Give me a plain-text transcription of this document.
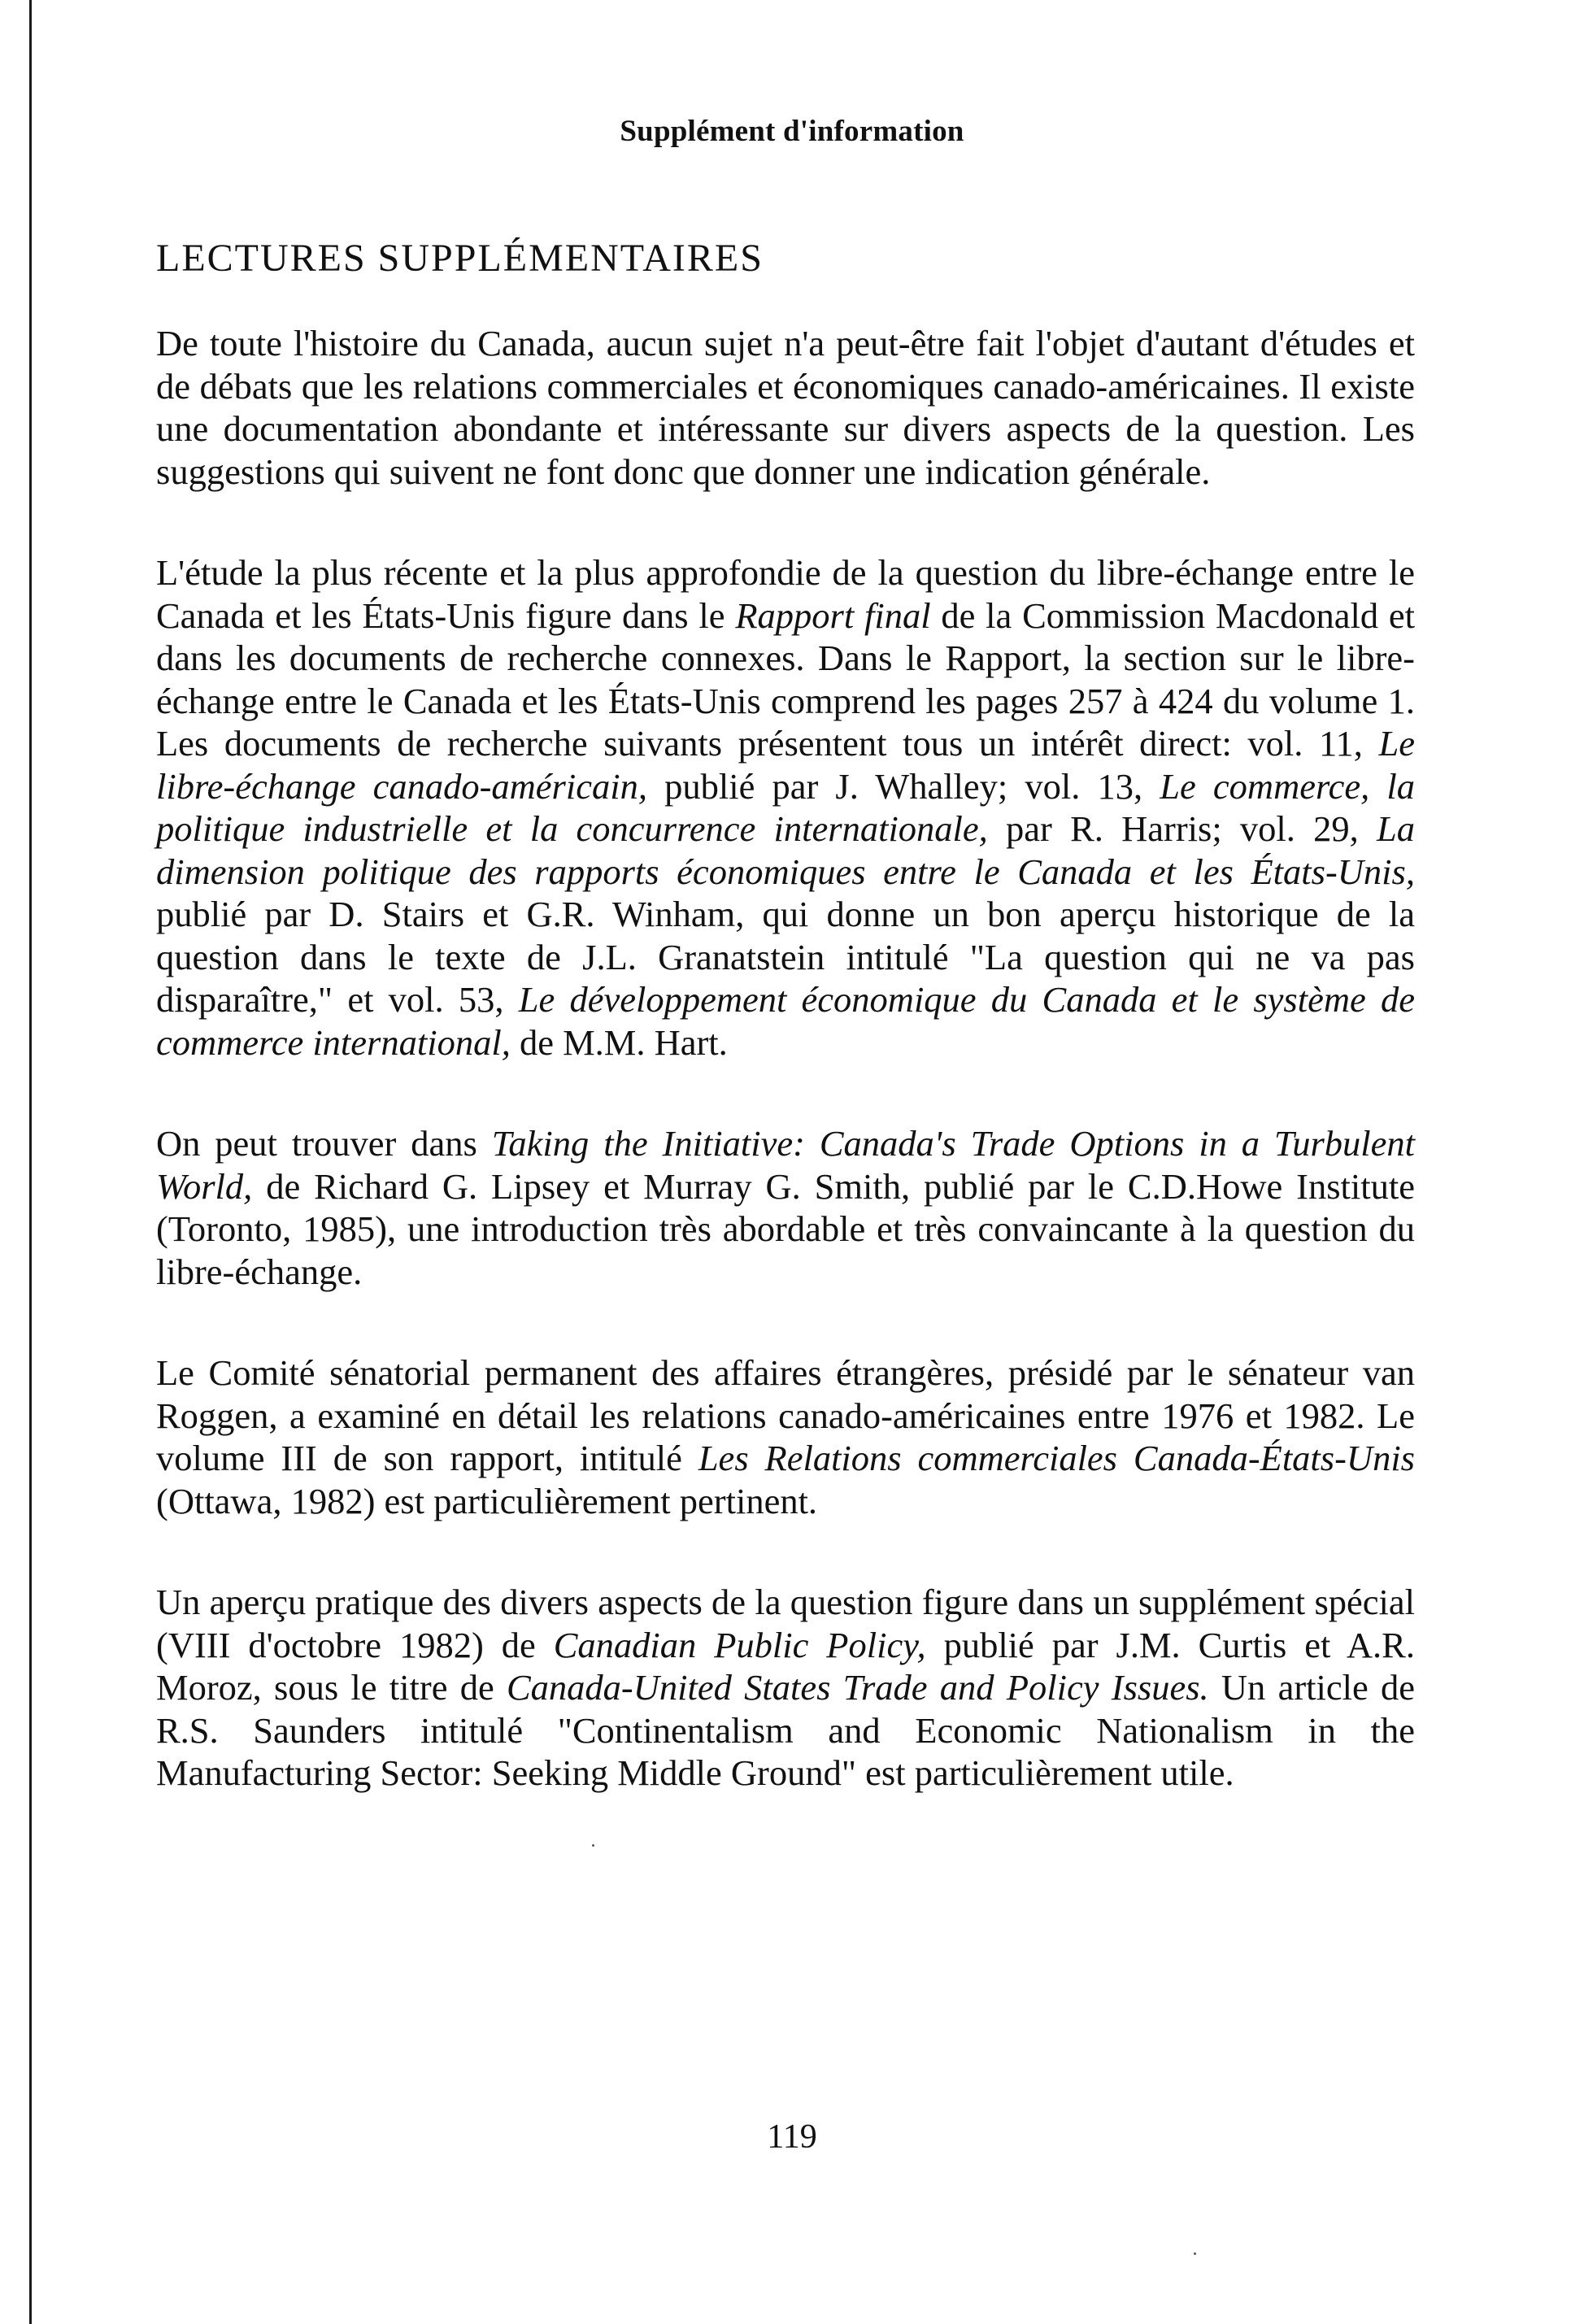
Supplément d'information
LECTURES SUPPLÉMENTAIRES

De toute l'histoire du Canada, aucun sujet n'a peut-être fait l'objet d'autant d'études et de débats que les relations commerciales et économiques canado-américaines. Il existe une documentation abondante et intéressante sur divers aspects de la question. Les suggestions qui suivent ne font donc que donner une indication générale.

L'étude la plus récente et la plus approfondie de la question du libre-échange entre le Canada et les États-Unis figure dans le Rapport final de la Commission Macdonald et dans les documents de recherche connexes. Dans le Rapport, la section sur le libre-échange entre le Canada et les États-Unis comprend les pages 257 à 424 du volume 1. Les documents de recherche suivants présentent tous un intérêt direct: vol. 11, Le libre-échange canado-américain, publié par J. Whalley; vol. 13, Le commerce, la politique industrielle et la concurrence internationale, par R. Harris; vol. 29, La dimension politique des rapports économiques entre le Canada et les États-Unis, publié par D. Stairs et G.R. Winham, qui donne un bon aperçu historique de la question dans le texte de J.L. Granatstein intitulé "La question qui ne va pas disparaître," et vol. 53, Le développement économique du Canada et le système de commerce international, de M.M. Hart.

On peut trouver dans Taking the Initiative: Canada's Trade Options in a Turbulent World, de Richard G. Lipsey et Murray G. Smith, publié par le C.D.Howe Institute (Toronto, 1985), une introduction très abordable et très convaincante à la question du libre-échange.

Le Comité sénatorial permanent des affaires étrangères, présidé par le sénateur van Roggen, a examiné en détail les relations canado-américaines entre 1976 et 1982. Le volume III de son rapport, intitulé Les Relations commerciales Canada-États-Unis (Ottawa, 1982) est particulièrement pertinent.

Un aperçu pratique des divers aspects de la question figure dans un supplément spécial (VIII d'octobre 1982) de Canadian Public Policy, publié par J.M. Curtis et A.R. Moroz, sous le titre de Canada-United States Trade and Policy Issues. Un article de R.S. Saunders intitulé "Continentalism and Economic Nationalism in the Manufacturing Sector: Seeking Middle Ground" est particulièrement utile.

119
